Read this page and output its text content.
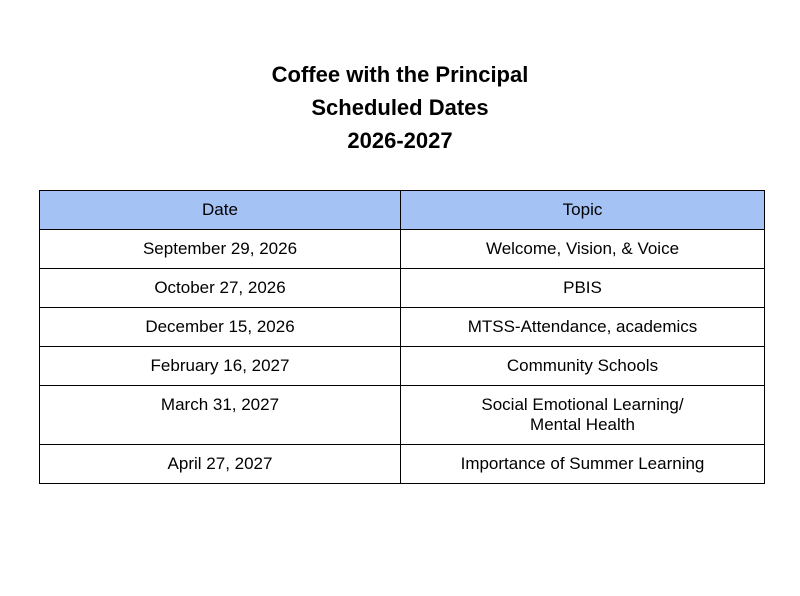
Coffee with the Principal
Scheduled Dates
2026-2027
Date	Topic
September 29, 2026	Welcome, Vision, & Voice

October 27, 2026	PBIS

December 15, 2026	MTSS-Attendance, academics

February 16, 2027	Community Schools

March 31, 2027	Social Emotional Learning/
Mental Health

April 27, 2027	Importance of Summer Learning
